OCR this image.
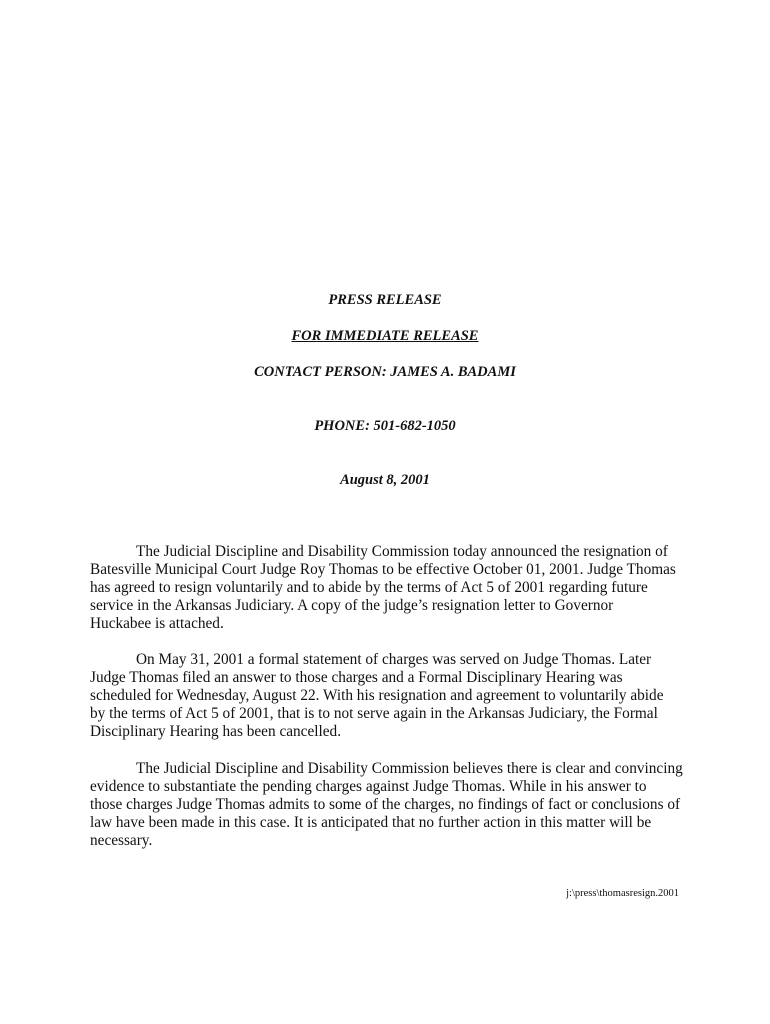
PRESS RELEASE
FOR IMMEDIATE RELEASE
CONTACT PERSON: JAMES A. BADAMI
PHONE: 501-682-1050
August 8, 2001
The Judicial Discipline and Disability Commission today announced the resignation of
Batesville Municipal Court Judge Roy Thomas to be effective October 01, 2001. Judge Thomas
has agreed to resign voluntarily and to abide by the terms of Act 5 of 2001 regarding future
service in the Arkansas Judiciary. A copy of the judge’s resignation letter to Governor
Huckabee is attached.
On May 31, 2001 a formal statement of charges was served on Judge Thomas. Later
Judge Thomas filed an answer to those charges and a Formal Disciplinary Hearing was
scheduled for Wednesday, August 22. With his resignation and agreement to voluntarily abide
by the terms of Act 5 of 2001, that is to not serve again in the Arkansas Judiciary, the Formal
Disciplinary Hearing has been cancelled.
The Judicial Discipline and Disability Commission believes there is clear and convincing
evidence to substantiate the pending charges against Judge Thomas. While in his answer to
those charges Judge Thomas admits to some of the charges, no findings of fact or conclusions of
law have been made in this case. It is anticipated that no further action in this matter will be
necessary.
j:\press\thomasresign.2001
